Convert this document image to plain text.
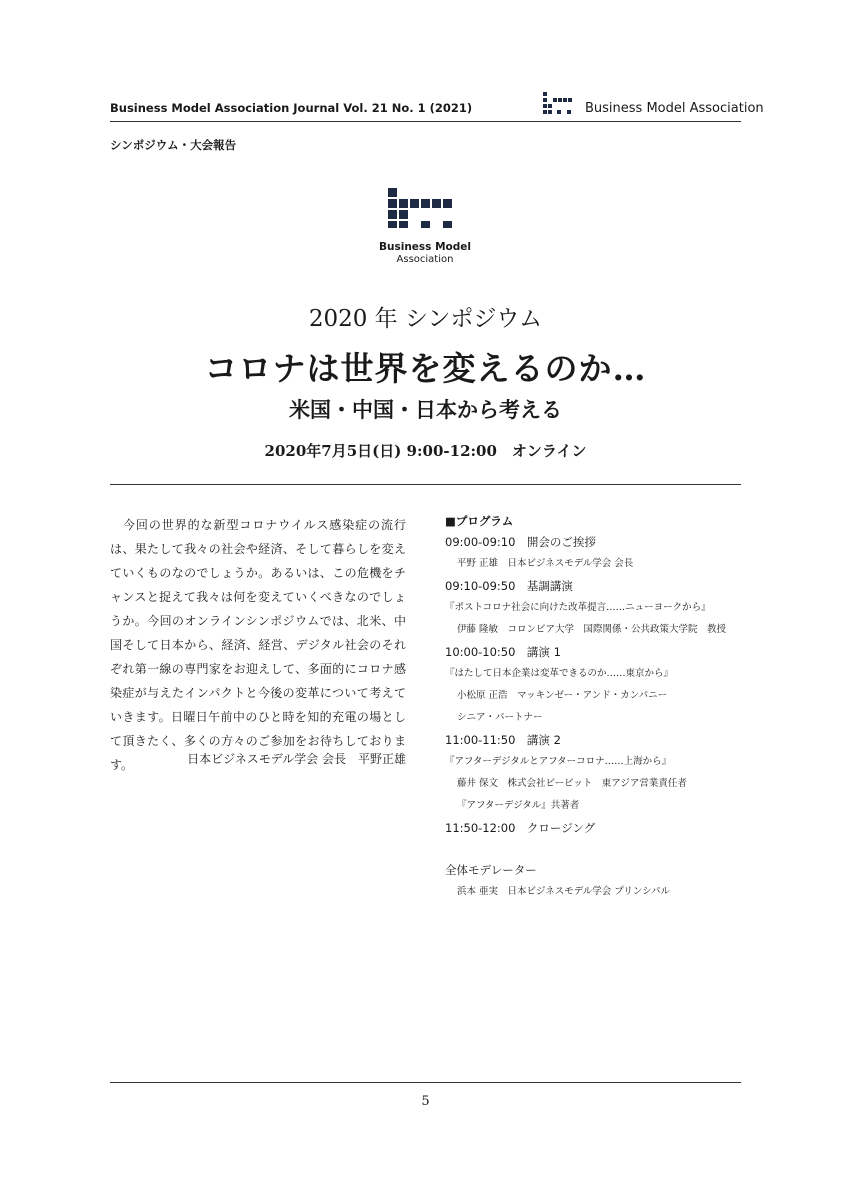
Business Model Association Journal Vol. 21 No. 1 (2021)	Business Model Association
シンポジウム・大会報告
Business Model
Association
2020 年 シンポジウム
コロナは世界を変えるのか…
米国・中国・日本から考える
2020年7月5日(日) 9:00-12:00　オンライン

今回の世界的な新型コロナウイルス感染症の流行は、果たして我々の社会や経済、そして暮らしを変えていくものなのでしょうか。あるいは、この危機をチャンスと捉えて我々は何を変えていくべきなのでしょうか。今回のオンラインシンポジウムでは、北米、中国そして日本から、経済、経営、デジタル社会のそれぞれ第一線の専門家をお迎えして、多面的にコロナ感染症が与えたインパクトと今後の変革について考えていきます。日曜日午前中のひと時を知的充電の場として頂きたく、多くの方々のご参加をお待ちしております。	日本ビジネスモデル学会 会長　平野正雄
■プログラム
09:00-09:10　開会のご挨拶
平野 正雄　日本ビジネスモデル学会 会長
09:10-09:50　基調講演
『ポストコロナ社会に向けた改革提言……ニューヨークから』
伊藤 隆敏　コロンビア大学　国際関係・公共政策大学院　教授
10:00-10:50　講演 1
『はたして日本企業は変革できるのか……東京から』
小松原 正浩　マッキンゼー・アンド・カンパニー
シニア・パートナー
11:00-11:50　講演 2
『アフターデジタルとアフターコロナ……上海から』
藤井 保文　株式会社ビービット　東アジア営業責任者
『アフターデジタル』共著者
11:50-12:00　クロージング
全体モデレーター
浜本 亜実　日本ビジネスモデル学会 プリンシパル
5
